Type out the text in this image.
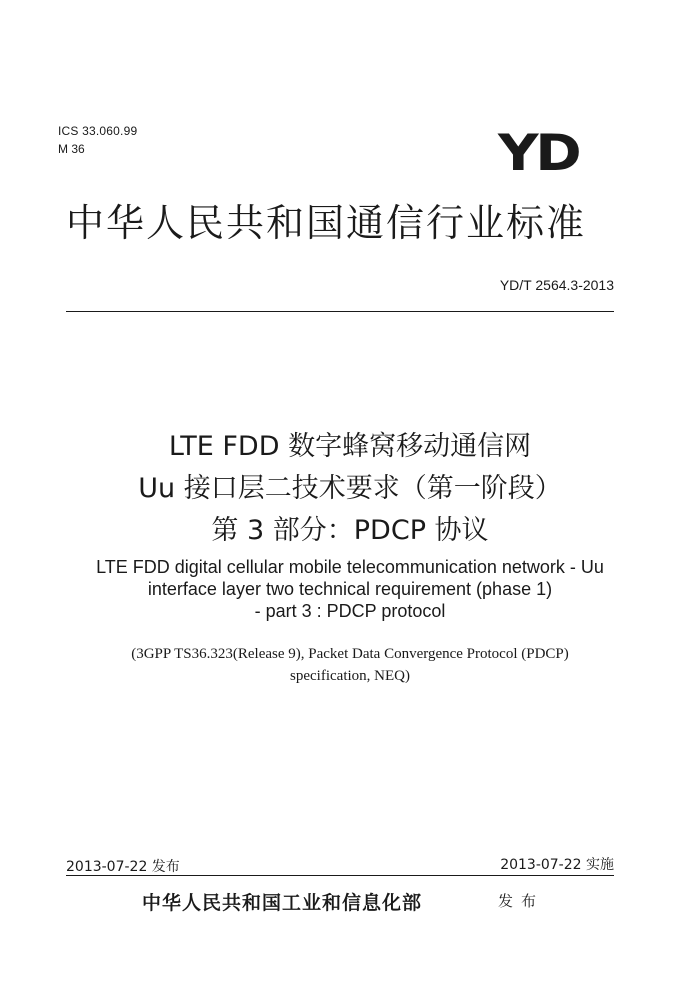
ICS 33.060.99
M 36	YD
中华人民共和国通信行业标准
YD/T 2564.3-2013
LTE FDD 数字蜂窝移动通信网
Uu 接口层二技术要求（第一阶段）
第 3 部分：PDCP 协议
LTE FDD digital cellular mobile telecommunication network - Uu
interface layer two technical requirement (phase 1)
- part 3 : PDCP protocol
(3GPP TS36.323(Release 9), Packet Data Convergence Protocol (PDCP)
specification, NEQ)
2013-07-22 发布	2013-07-22 实施
中华人民共和国工业和信息化部	发布
